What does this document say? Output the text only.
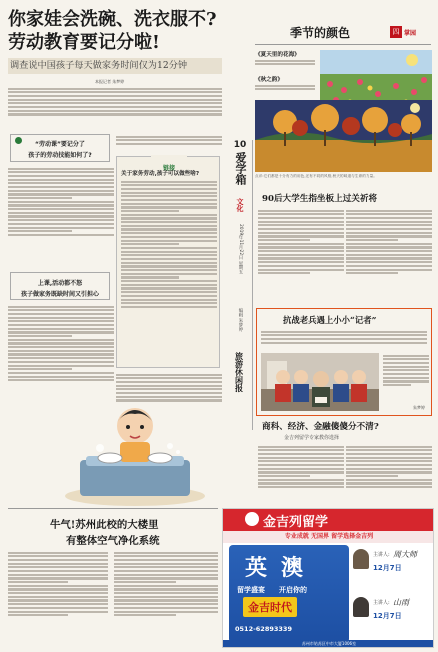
你家娃会洗碗、洗衣服不?
劳动教育要记分啦!
调查说中国孩子每天做家务时间仅为12分钟
本报记者 朱梦婷
“劳动课”要记分了
孩子的劳动技能如何了?
上课,活动都不怒
孩子做家务既缺时间又引担心
链接
关于家务劳动,孩子可以做些啥?
季节的颜色	四 掌园
《夏天里的花海》
《秋之韵》
点评:它们都是十分有力的用色,还有不同的风格,秋天的味道与生命的力量。
10
爱学箱
文化
2019年11月22日 星期五
编辑 朱梦婷
旅游休闲报
90后大学生指坐板上过关祈将
抗战老兵遇上小小“记者”
朱梦婷
商科、经济、金融傻傻分不清?
金吉列留学专家教你选择
牛气!苏州此校的大楼里
有整体空气净化系统
金吉列留学
专业成就 无国界 留学选择金吉列
英 澳
留学盛宴 开启你的
金吉时代
0512-62893339
主讲人: 周大师
12月7日
主讲人: 山雨
12月7日
苏州市姑苏区中市大厦1006室
